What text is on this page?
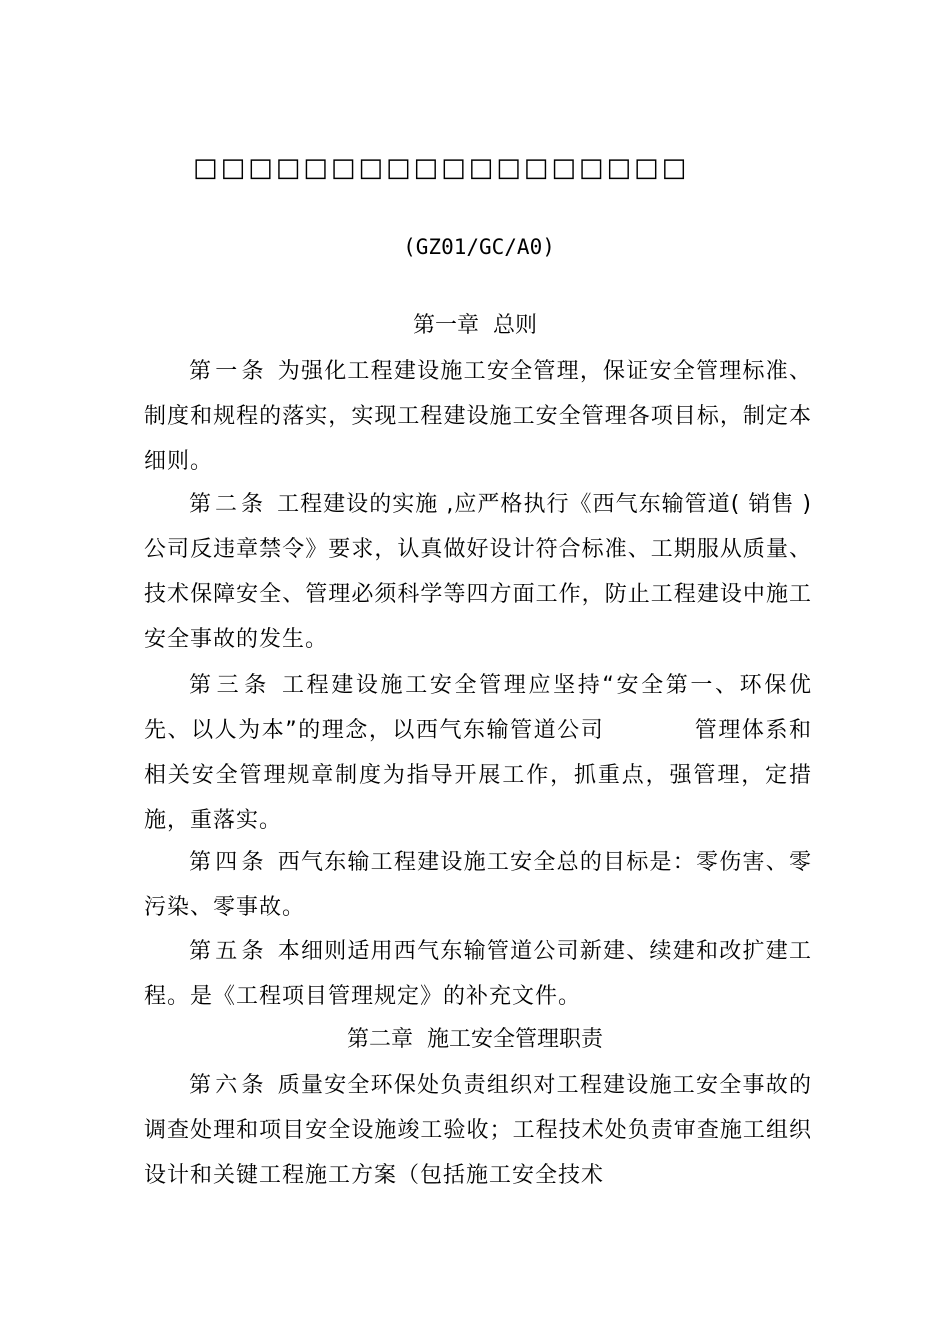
□□□□□□□□□□□□□□□□□□
(GZ01/GC/A0)
第一章  总则

第一条 为强化工程建设施工安全管理，保证安全管理标准、制度和规程的落实，实现工程建设施工安全管理各项目标，制定本细则。

第二条 工程建设的实施 ,应严格执行《西气东输管道( 销售 ) 公司反违章禁令》要求，认真做好设计符合标准、工期服从质量、技术保障安全、管理必须科学等四方面工作，防止工程建设中施工安全事故的发生。

第三条 工程建设施工安全管理应坚持“安全第一、环保优先、以人为本”的理念，以西气东输管道公司	管理体系和相关安全管理规章制度为指导开展工作，抓重点，强管理，定措施，重落实。

第四条 西气东输工程建设施工安全总的目标是：零伤害、零污染、零事故。

第五条 本细则适用西气东输管道公司新建、续建和改扩建工程。是《工程项目管理规定》的补充文件。

第二章  施工安全管理职责

第六条 质量安全环保处负责组织对工程建设施工安全事故的调查处理和项目安全设施竣工验收；工程技术处负责审查施工组织设计和关键工程施工方案（包括施工安全技术
